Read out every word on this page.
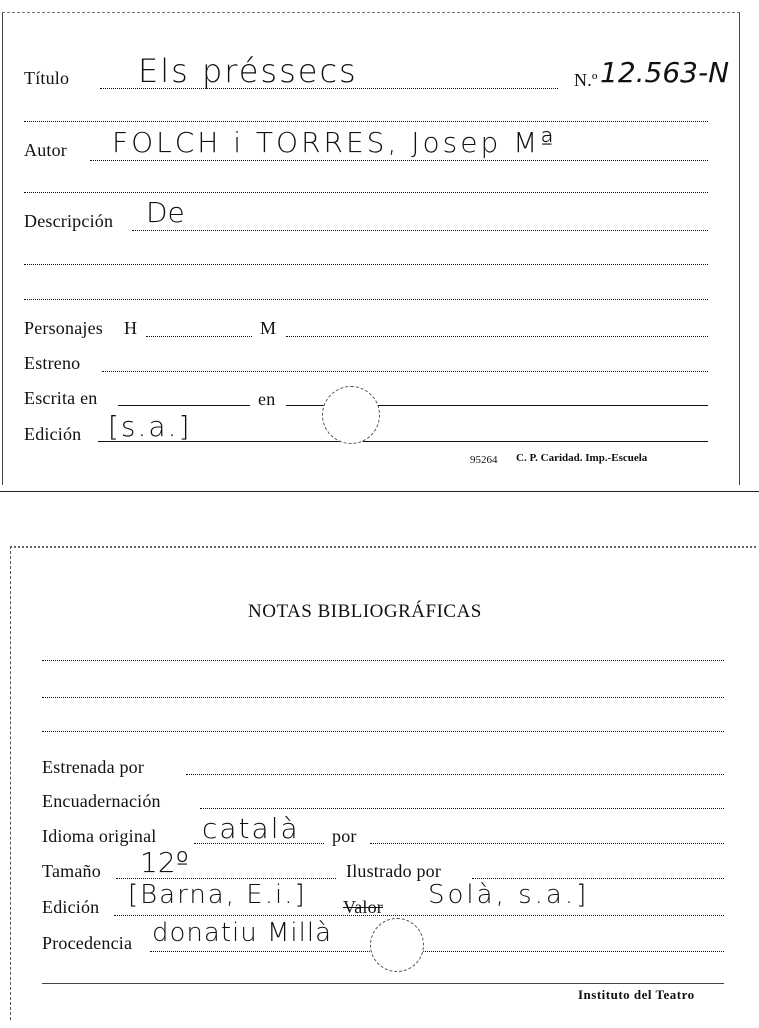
Título Els préssecs	N.º 12.563-N
Autor FOLCH i TORRES, Josep Mª
Descripción De
Personajes H	M
Estreno
Escrita en	en
Edición [s.a.]
95264 C. P. Caridad. Imp.-Escuela
NOTAS BIBLIOGRÁFICAS
Estrenada por
Encuadernación
Idioma original català por
Tamaño 12º	Ilustrado por
Edición [Barna, E.i.] Valor Solà, s.a.]
Procedencia donatiu Millà
Instituto del Teatro
